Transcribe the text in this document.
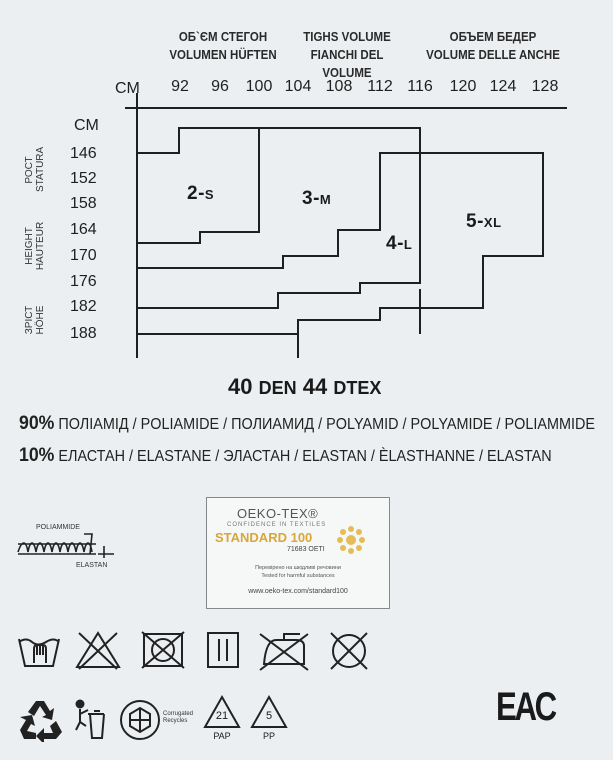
ОБ`ЄМ СТЕГОН
VOLUMEN HÜFTEN
TIGHS VOLUME
FIANCHI DEL VOLUME
ОБЪЕМ БЕДЕР
VOLUME DELLE ANCHE
CM 92 96 100 104 108 112 116 120 124 128
CM
146
152
158
164
170
176
182
188
РОСТ STATURA
HEIGHT HAUTEUR
ЗРІСТ HÖHE
2-S	3-M
4-L
5-XL
40 DEN 44 DTEX
90% ПОЛІАМІД / POLIAMIDE / ПОЛИАМИД / POLYAMID / POLYAMIDE / POLIAMMIDE
10% ЕЛАСТАН / ELASTANE / ЭЛАСТАН / ELASTAN / ÈLASTHANNE / ELASTAN
POLIAMMIDE
ELASTAN
OEKO-TEX®
CONFIDENCE IN TEXTILES
STANDARD 100
71683 OETI
Перевірено на шкідливі речовини
Tested for harmful substances
www.oeko-tex.com/standard100
Corrugated Recycles	21
PAP
5
PP
EAC
